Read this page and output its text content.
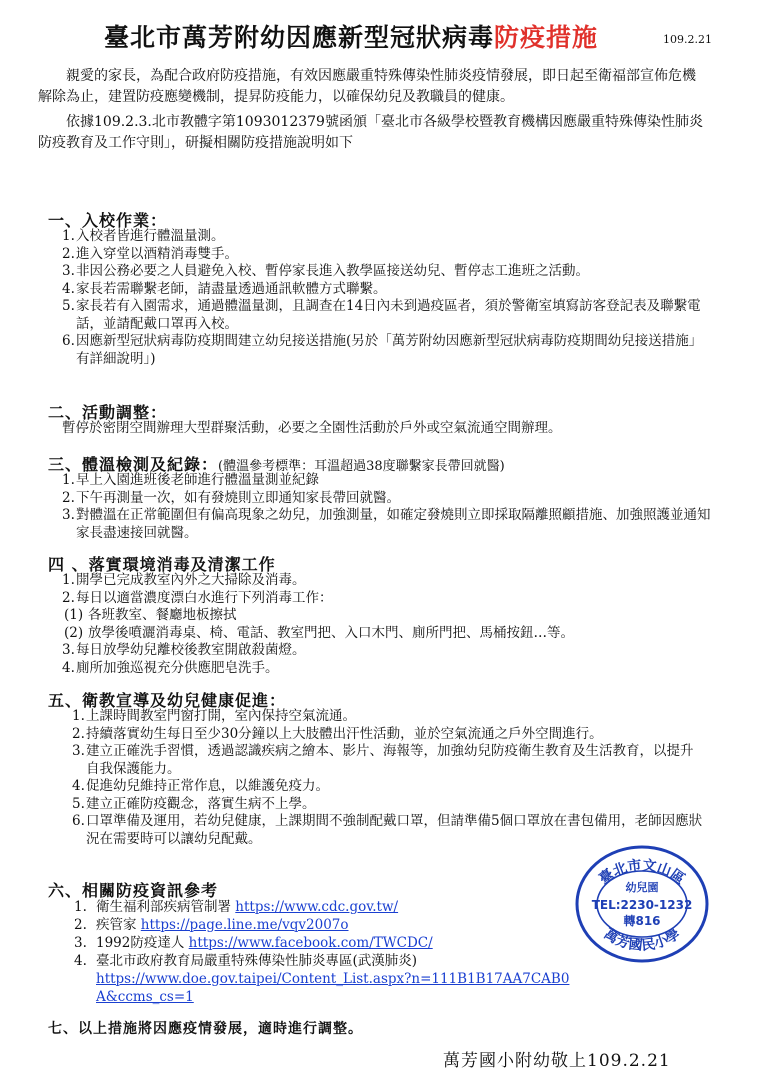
臺北市萬芳附幼因應新型冠狀病毒防疫措施	109.2.21

親愛的家長，為配合政府防疫措施，有效因應嚴重特殊傳染性肺炎疫情發展，即日起至衛福部宣佈危機解除為止，建置防疫應變機制，提昇防疫能力，以確保幼兒及教職員的健康。

依據109.2.3.北市教體字第1093012379號函頒「臺北市各級學校暨教育機構因應嚴重特殊傳染性肺炎防疫教育及工作守則」，研擬相關防疫措施說明如下

一、入校作業：
1. 入校者皆進行體溫量測。
2. 進入穿堂以酒精消毒雙手。
3. 非因公務必要之人員避免入校、暫停家長進入教學區接送幼兒、暫停志工進班之活動。
4. 家長若需聯繫老師，請盡量透過通訊軟體方式聯繫。
5. 家長若有入園需求，通過體溫量測，且調查在14日內未到過疫區者，須於警衛室填寫訪客登記表及聯繫電話，並請配戴口罩再入校。
6. 因應新型冠狀病毒防疫期間建立幼兒接送措施(另於「萬芳附幼因應新型冠狀病毒防疫期間幼兒接送措施」有詳細說明」)
二、活動調整：
暫停於密閉空間辦理大型群聚活動，必要之全園性活動於戶外或空氣流通空間辦理。
三、體溫檢測及紀錄：(體溫參考標準：耳溫超過38度聯繫家長帶回就醫)
1. 早上入園進班後老師進行體溫量測並紀錄
2. 下午再測量一次，如有發燒則立即通知家長帶回就醫。
3. 對體溫在正常範圍但有偏高現象之幼兒，加強測量，如確定發燒則立即採取隔離照顧措施、加強照護並通知家長盡速接回就醫。
四 、落實環境消毒及清潔工作
1. 開學已完成教室內外之大掃除及消毒。
2. 每日以適當濃度漂白水進行下列消毒工作：
(1) 各班教室、餐廳地板擦拭
(2) 放學後噴灑消毒桌、椅、電話、教室門把、入口木門、廁所門把、馬桶按鈕…等。
3. 每日放學幼兒離校後教室開啟殺菌燈。
4. 廁所加強巡視充分供應肥皂洗手。
五、衛教宣導及幼兒健康促進：
1. 上課時間教室門窗打開，室內保持空氣流通。
2. 持續落實幼生每日至少30分鐘以上大肢體出汗性活動，並於空氣流通之戶外空間進行。
3. 建立正確洗手習慣，透過認識疾病之繪本、影片、海報等，加強幼兒防疫衛生教育及生活教育，以提升自我保護能力。
4. 促進幼兒維持正常作息，以維護免疫力。
5. 建立正確防疫觀念，落實生病不上學。
6. 口罩準備及運用，若幼兒健康，上課期間不強制配戴口罩，但請準備5個口罩放在書包備用，老師因應狀況在需要時可以讓幼兒配戴。
六、相關防疫資訊參考
1. 衛生福利部疾病管制署 https://www.cdc.gov.tw/
2. 疾管家 https://page.line.me/vqv2007o
3. 1992防疫達人 https://www.facebook.com/TWCDC/
4. 臺北市政府教育局嚴重特殊傳染性肺炎專區(武漢肺炎)
https://www.doe.gov.taipei/Content_List.aspx?n=111B1B17AA7CAB0A&ccms_cs=1
臺北市文山區
萬芳國民小學
幼兒園
TEL:2230-1232
轉816
七、以上措施將因應疫情發展，適時進行調整。
萬芳國小附幼敬上109.2.21
